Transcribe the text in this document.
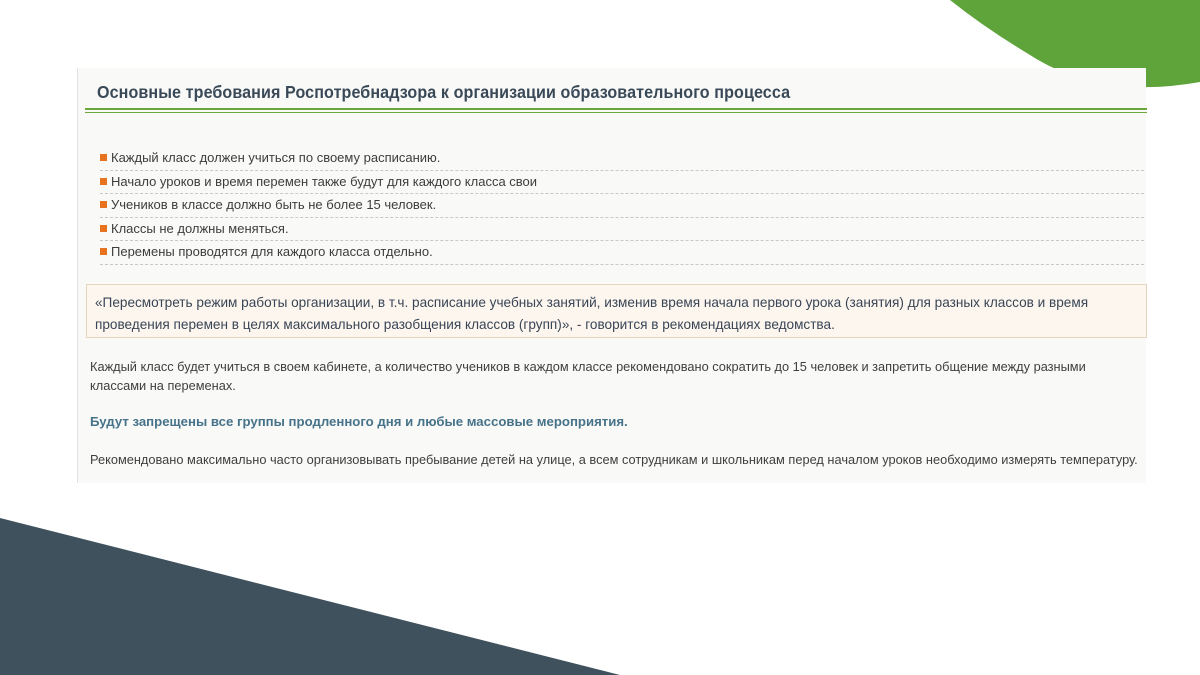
Основные требования Роспотребнадзора к организации образовательного процесса
Каждый класс должен учиться по своему расписанию.
Начало уроков и время перемен также будут для каждого класса свои
Учеников в классе должно быть не более 15 человек.
Классы не должны меняться.
Перемены проводятся для каждого класса отдельно.
«Пересмотреть режим работы организации, в т.ч. расписание учебных занятий, изменив время начала первого урока (занятия) для разных классов и время проведения перемен в целях максимального разобщения классов (групп)», - говорится в рекомендациях ведомства.

Каждый класс будет учиться в своем кабинете, а количество учеников в каждом классе рекомендовано сократить до 15 человек и запретить общение между разными классами на переменах.

Будут запрещены все группы продленного дня и любые массовые мероприятия.

Рекомендовано максимально часто организовывать пребывание детей на улице, а всем сотрудникам и школьникам перед началом уроков необходимо измерять температуру.
